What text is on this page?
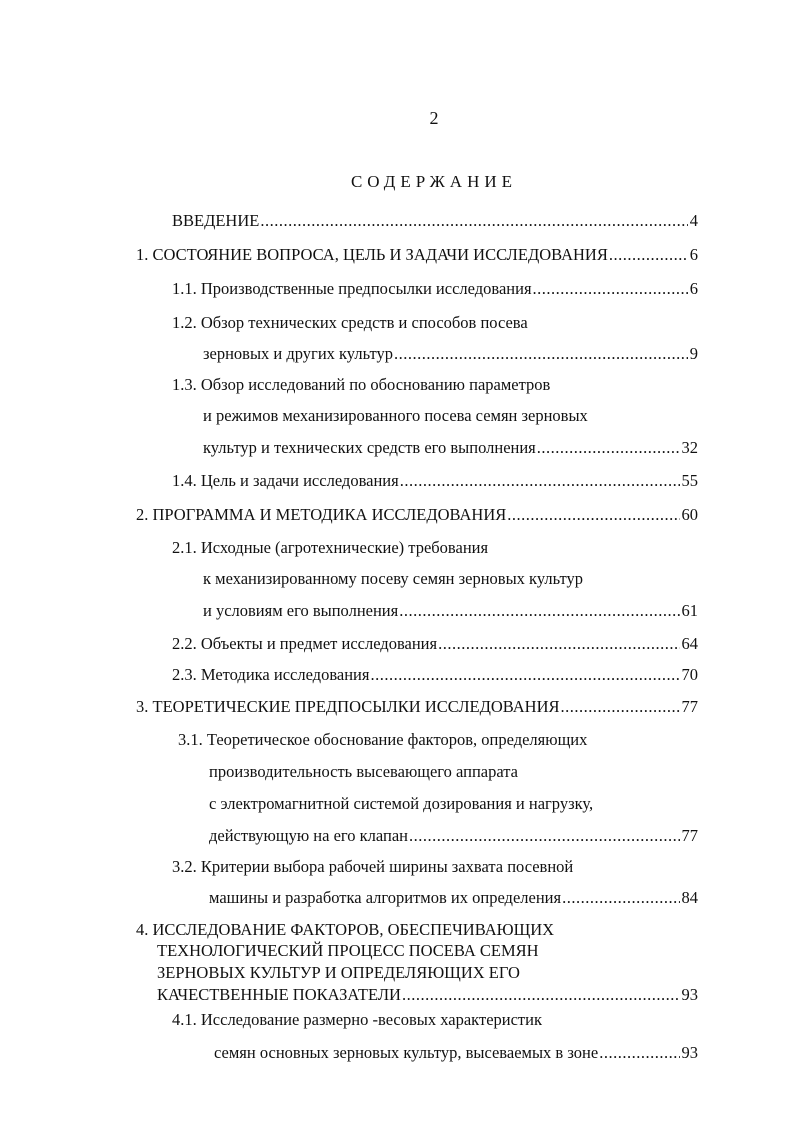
2
СОДЕРЖАНИЕ
ВВЕДЕНИЕ .....	4
1. СОСТОЯНИЕ ВОПРОСА, ЦЕЛЬ И ЗАДАЧИ ИССЛЕДОВАНИЯ .....	6
1.1. Производственные предпосылки исследования .....	6
1.2. Обзор технических средств и способов посева
зерновых и других культур .....	9
1.3. Обзор исследований по обоснованию параметров
и режимов механизированного посева семян зерновых
культур и технических средств его выполнения .....	32
1.4. Цель и задачи исследования .....	55
2. ПРОГРАММА И МЕТОДИКА ИССЛЕДОВАНИЯ .....	60
2.1. Исходные (агротехнические) требования
к механизированному посеву семян зерновых культур
и условиям его выполнения .....	61
2.2. Объекты и предмет исследования .....	64
2.3. Методика исследования .....	70
3. ТЕОРЕТИЧЕСКИЕ ПРЕДПОСЫЛКИ ИССЛЕДОВАНИЯ .....	77
3.1. Теоретическое обоснование факторов, определяющих
производительность высевающего аппарата
с электромагнитной системой дозирования и нагрузку,
действующую на его клапан .....	77
3.2. Критерии выбора рабочей ширины захвата посевной
машины и разработка алгоритмов их определения .....	84
4. ИССЛЕДОВАНИЕ ФАКТОРОВ, ОБЕСПЕЧИВАЮЩИХ
ТЕХНОЛОГИЧЕСКИЙ ПРОЦЕСС ПОСЕВА СЕМЯН
ЗЕРНОВЫХ КУЛЬТУР И ОПРЕДЕЛЯЮЩИХ ЕГО
КАЧЕСТВЕННЫЕ ПОКАЗАТЕЛИ .....	93
4.1. Исследование размерно -весовых характеристик
семян основных зерновых культур, высеваемых в зоне .....	93
